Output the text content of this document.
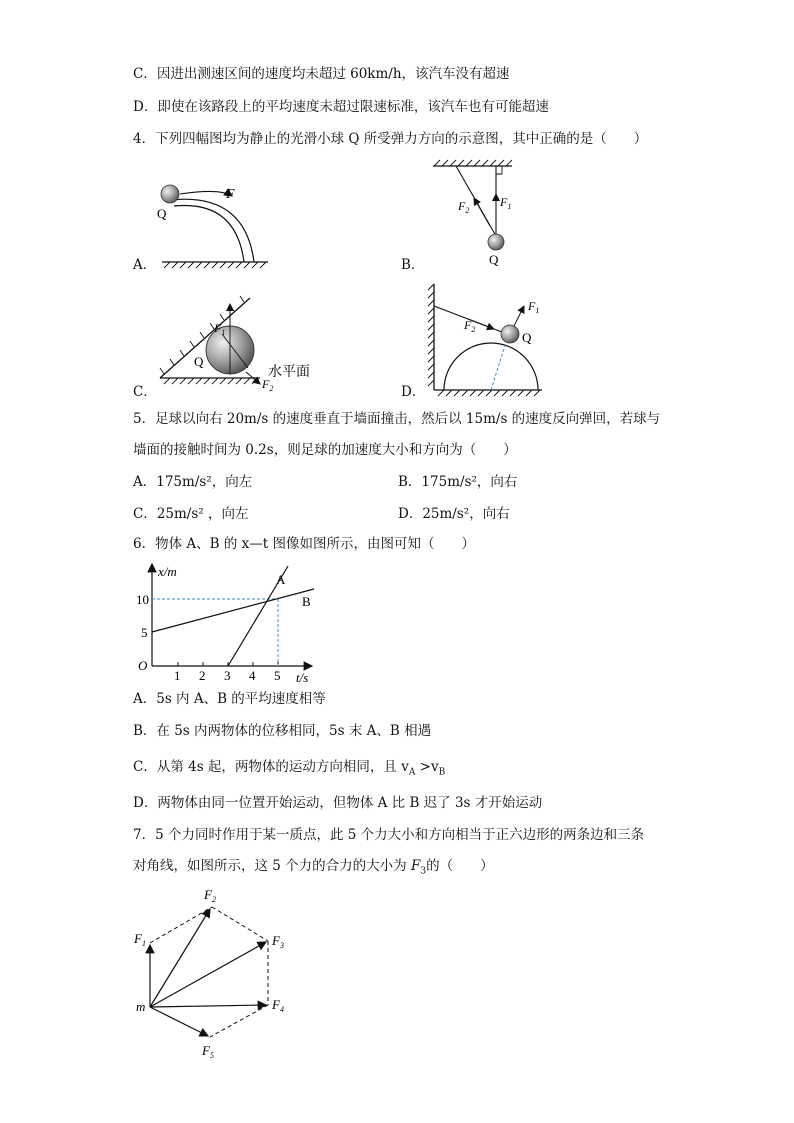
C．因进出测速区间的速度均未超过 60km/h，该汽车没有超速
D．即使在该路段上的平均速度未超过限速标准，该汽车也有可能超速
4．下列四幅图均为静止的光滑小球 Q 所受弹力方向的示意图，其中正确的是（　　）
F
Q
A．
$F_1$
$F_2$
Q
B．
$F_1$
$F_2$
Q
水平面
C．
$F_1$
$F_2$
Q
D．
5．足球以向右 20m/s 的速度垂直于墙面撞击，然后以 15m/s 的速度反向弹回，若球与
墙面的接触时间为 0.2s，则足球的加速度大小和方向为（　　）
A．175m/s²，向左	B．175m/s²，向右
C．25m/s² ，向左	D．25m/s²，向右
6．物体 A、B 的 x—t 图像如图所示，由图可知（　　）
x/m
t/s
O
10
5
1 2 3 4 5
A
B
A．5s 内 A、B 的平均速度相等
B．在 5s 内两物体的位移相同，5s 末 A、B 相遇
C．从第 4s 起，两物体的运动方向相同，且 $v_A >v_B$
D．两物体由同一位置开始运动，但物体 A 比 B 迟了 3s 才开始运动
7．5 个力同时作用于某一质点，此 5 个力大小和方向相当于正六边形的两条边和三条
对角线，如图所示，这 5 个力的合力的大小为 $F_3$的（　　）
m
$F_1$
$F_2$
$F_3$
$F_4$
$F_5$
